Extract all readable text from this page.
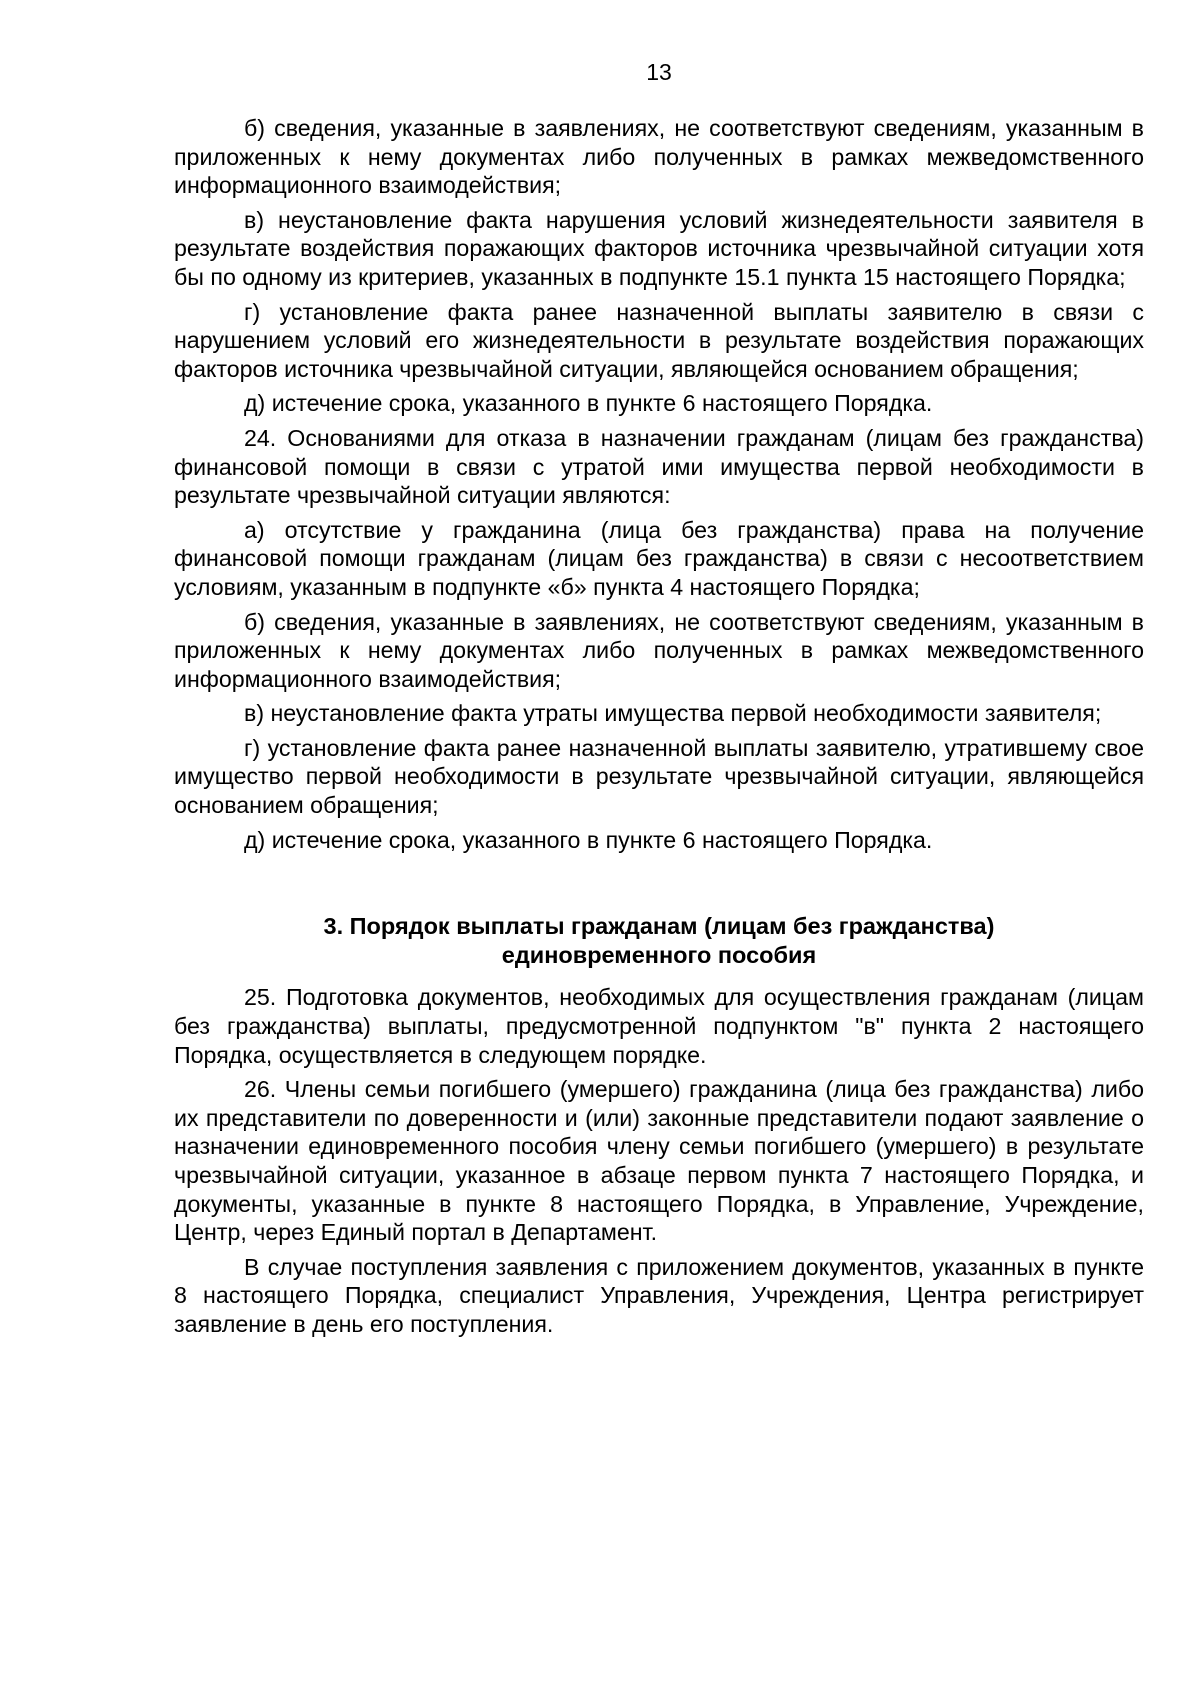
13

б) сведения, указанные в заявлениях, не соответствуют сведениям, указанным в приложенных к нему документах либо полученных в рамках межведомственного информационного взаимодействия;

в) неустановление факта нарушения условий жизнедеятельности заявителя в результате воздействия поражающих факторов источника чрезвычайной ситуации хотя бы по одному из критериев, указанных в подпункте 15.1 пункта 15 настоящего Порядка;

г) установление факта ранее назначенной выплаты заявителю в связи с нарушением условий его жизнедеятельности в результате воздействия поражающих факторов источника чрезвычайной ситуации, являющейся основанием обращения;

д) истечение срока, указанного в пункте 6 настоящего Порядка.

24. Основаниями для отказа в назначении гражданам (лицам без гражданства) финансовой помощи в связи с утратой ими имущества первой необходимости в результате чрезвычайной ситуации являются:

а) отсутствие у гражданина (лица без гражданства) права на получение финансовой помощи гражданам (лицам без гражданства) в связи с несоответствием условиям, указанным в подпункте «б» пункта 4 настоящего Порядка;

б) сведения, указанные в заявлениях, не соответствуют сведениям, указанным в приложенных к нему документах либо полученных в рамках межведомственного информационного взаимодействия;

в) неустановление факта утраты имущества первой необходимости заявителя;

г) установление факта ранее назначенной выплаты заявителю, утратившему свое имущество первой необходимости в результате чрезвычайной ситуации, являющейся основанием обращения;

д) истечение срока, указанного в пункте 6 настоящего Порядка.

3. Порядок выплаты гражданам (лицам без гражданства)
единовременного пособия

25. Подготовка документов, необходимых для осуществления гражданам (лицам без гражданства) выплаты, предусмотренной подпунктом "в" пункта 2 настоящего Порядка, осуществляется в следующем порядке.

26. Члены семьи погибшего (умершего) гражданина (лица без гражданства) либо их представители по доверенности и (или) законные представители подают заявление о назначении единовременного пособия члену семьи погибшего (умершего) в результате чрезвычайной ситуации, указанное в абзаце первом пункта 7 настоящего Порядка, и документы, указанные в пункте 8 настоящего Порядка, в Управление, Учреждение, Центр, через Единый портал в Департамент.

В случае поступления заявления с приложением документов, указанных в пункте 8 настоящего Порядка, специалист Управления, Учреждения, Центра регистрирует заявление в день его поступления.
